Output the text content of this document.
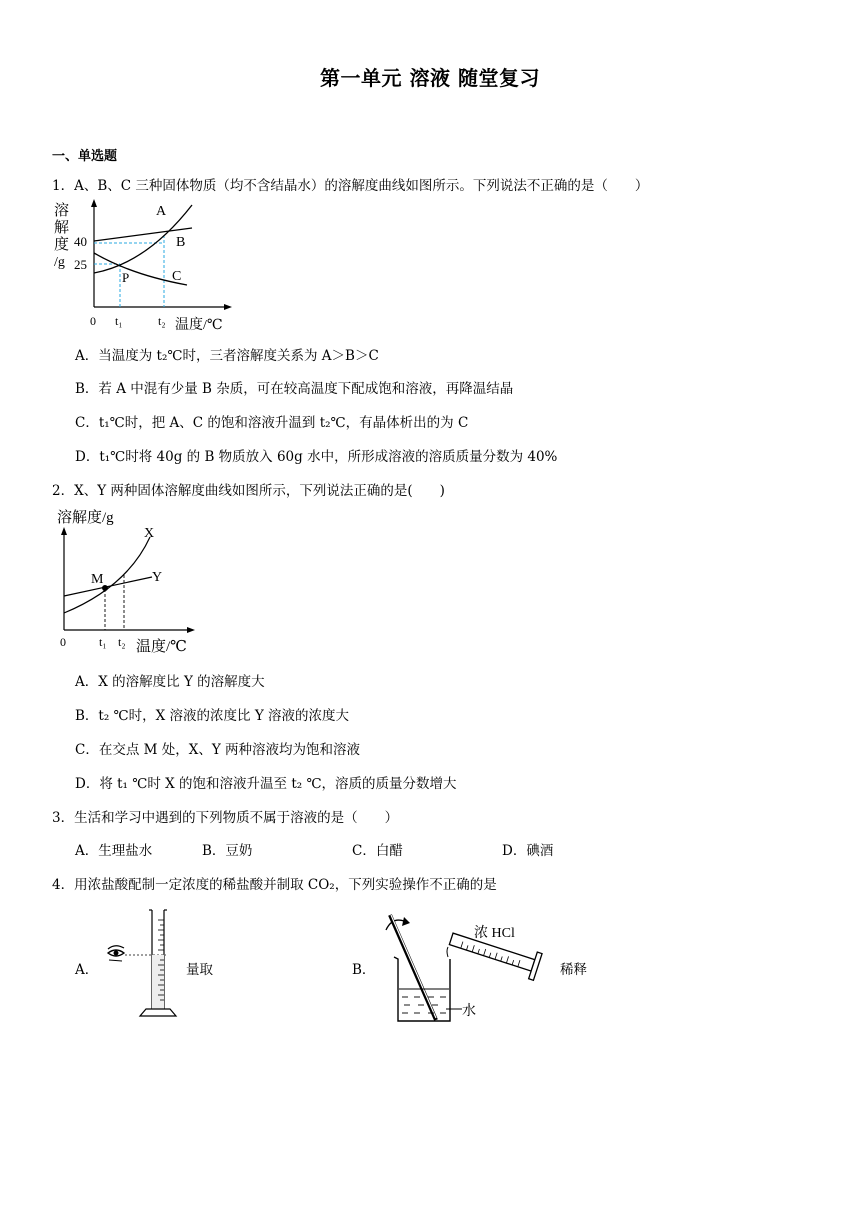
第一单元 溶液 随堂复习
一、单选题
1．A、B、C 三种固体物质（均不含结晶水）的溶解度曲线如图所示。下列说法不正确的是（　　）
溶
解
度
/g
40
25
0 t₁	t₂ 温度/℃
A
B
C
P
A．当温度为 t₂℃时，三者溶解度关系为 A＞B＞C
B．若 A 中混有少量 B 杂质，可在较高温度下配成饱和溶液，再降温结晶
C．t₁℃时，把 A、C 的饱和溶液升温到 t₂℃，有晶体析出的为 C
D．t₁℃时将 40g 的 B 物质放入 60g 水中，所形成溶液的溶质质量分数为 40%
2．X、Y 两种固体溶解度曲线如图所示，下列说法正确的是(　　)
溶解度/g
X
Y
M
0	t₁ t₂ 温度/℃
A．X 的溶解度比 Y 的溶解度大
B．t₂ ℃时，X 溶液的浓度比 Y 溶液的浓度大
C．在交点 M 处，X、Y 两种溶液均为饱和溶液
D．将 t₁ ℃时 X 的饱和溶液升温至 t₂ ℃，溶质的质量分数增大
3．生活和学习中遇到的下列物质不属于溶液的是（　　）
A．生理盐水	B．豆奶	C．白醋	D．碘酒
4．用浓盐酸配制一定浓度的稀盐酸并制取 CO₂，下列实验操作不正确的是
A．	量取	B．
水
浓 HCl
稀释
